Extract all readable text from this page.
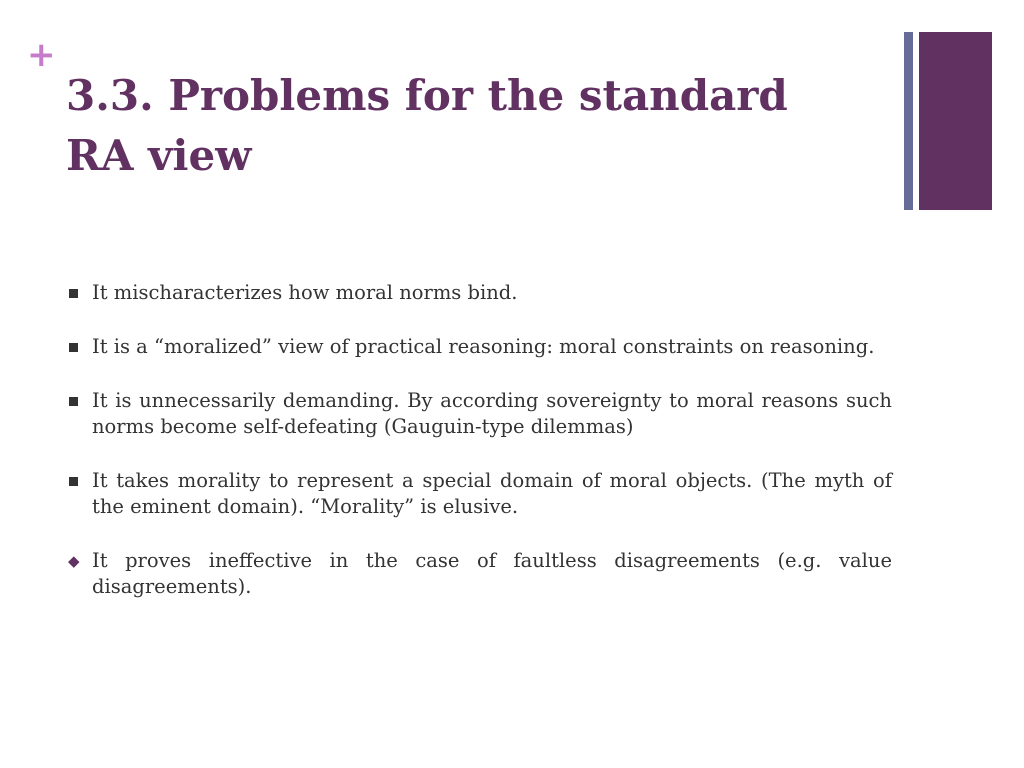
+
3.3. Problems for the standard
RA view
It mischaracterizes how moral norms bind.
It is a “moralized” view of practical reasoning: moral constraints on reasoning.
It is unnecessarily demanding. By according sovereignty to moral reasons such norms become self-defeating (Gauguin-type dilemmas)
It takes morality to represent a special domain of moral objects. (The myth of the eminent domain). “Morality” is elusive.
◆
It proves ineffective in the case of faultless disagreements (e.g. value disagreements).
